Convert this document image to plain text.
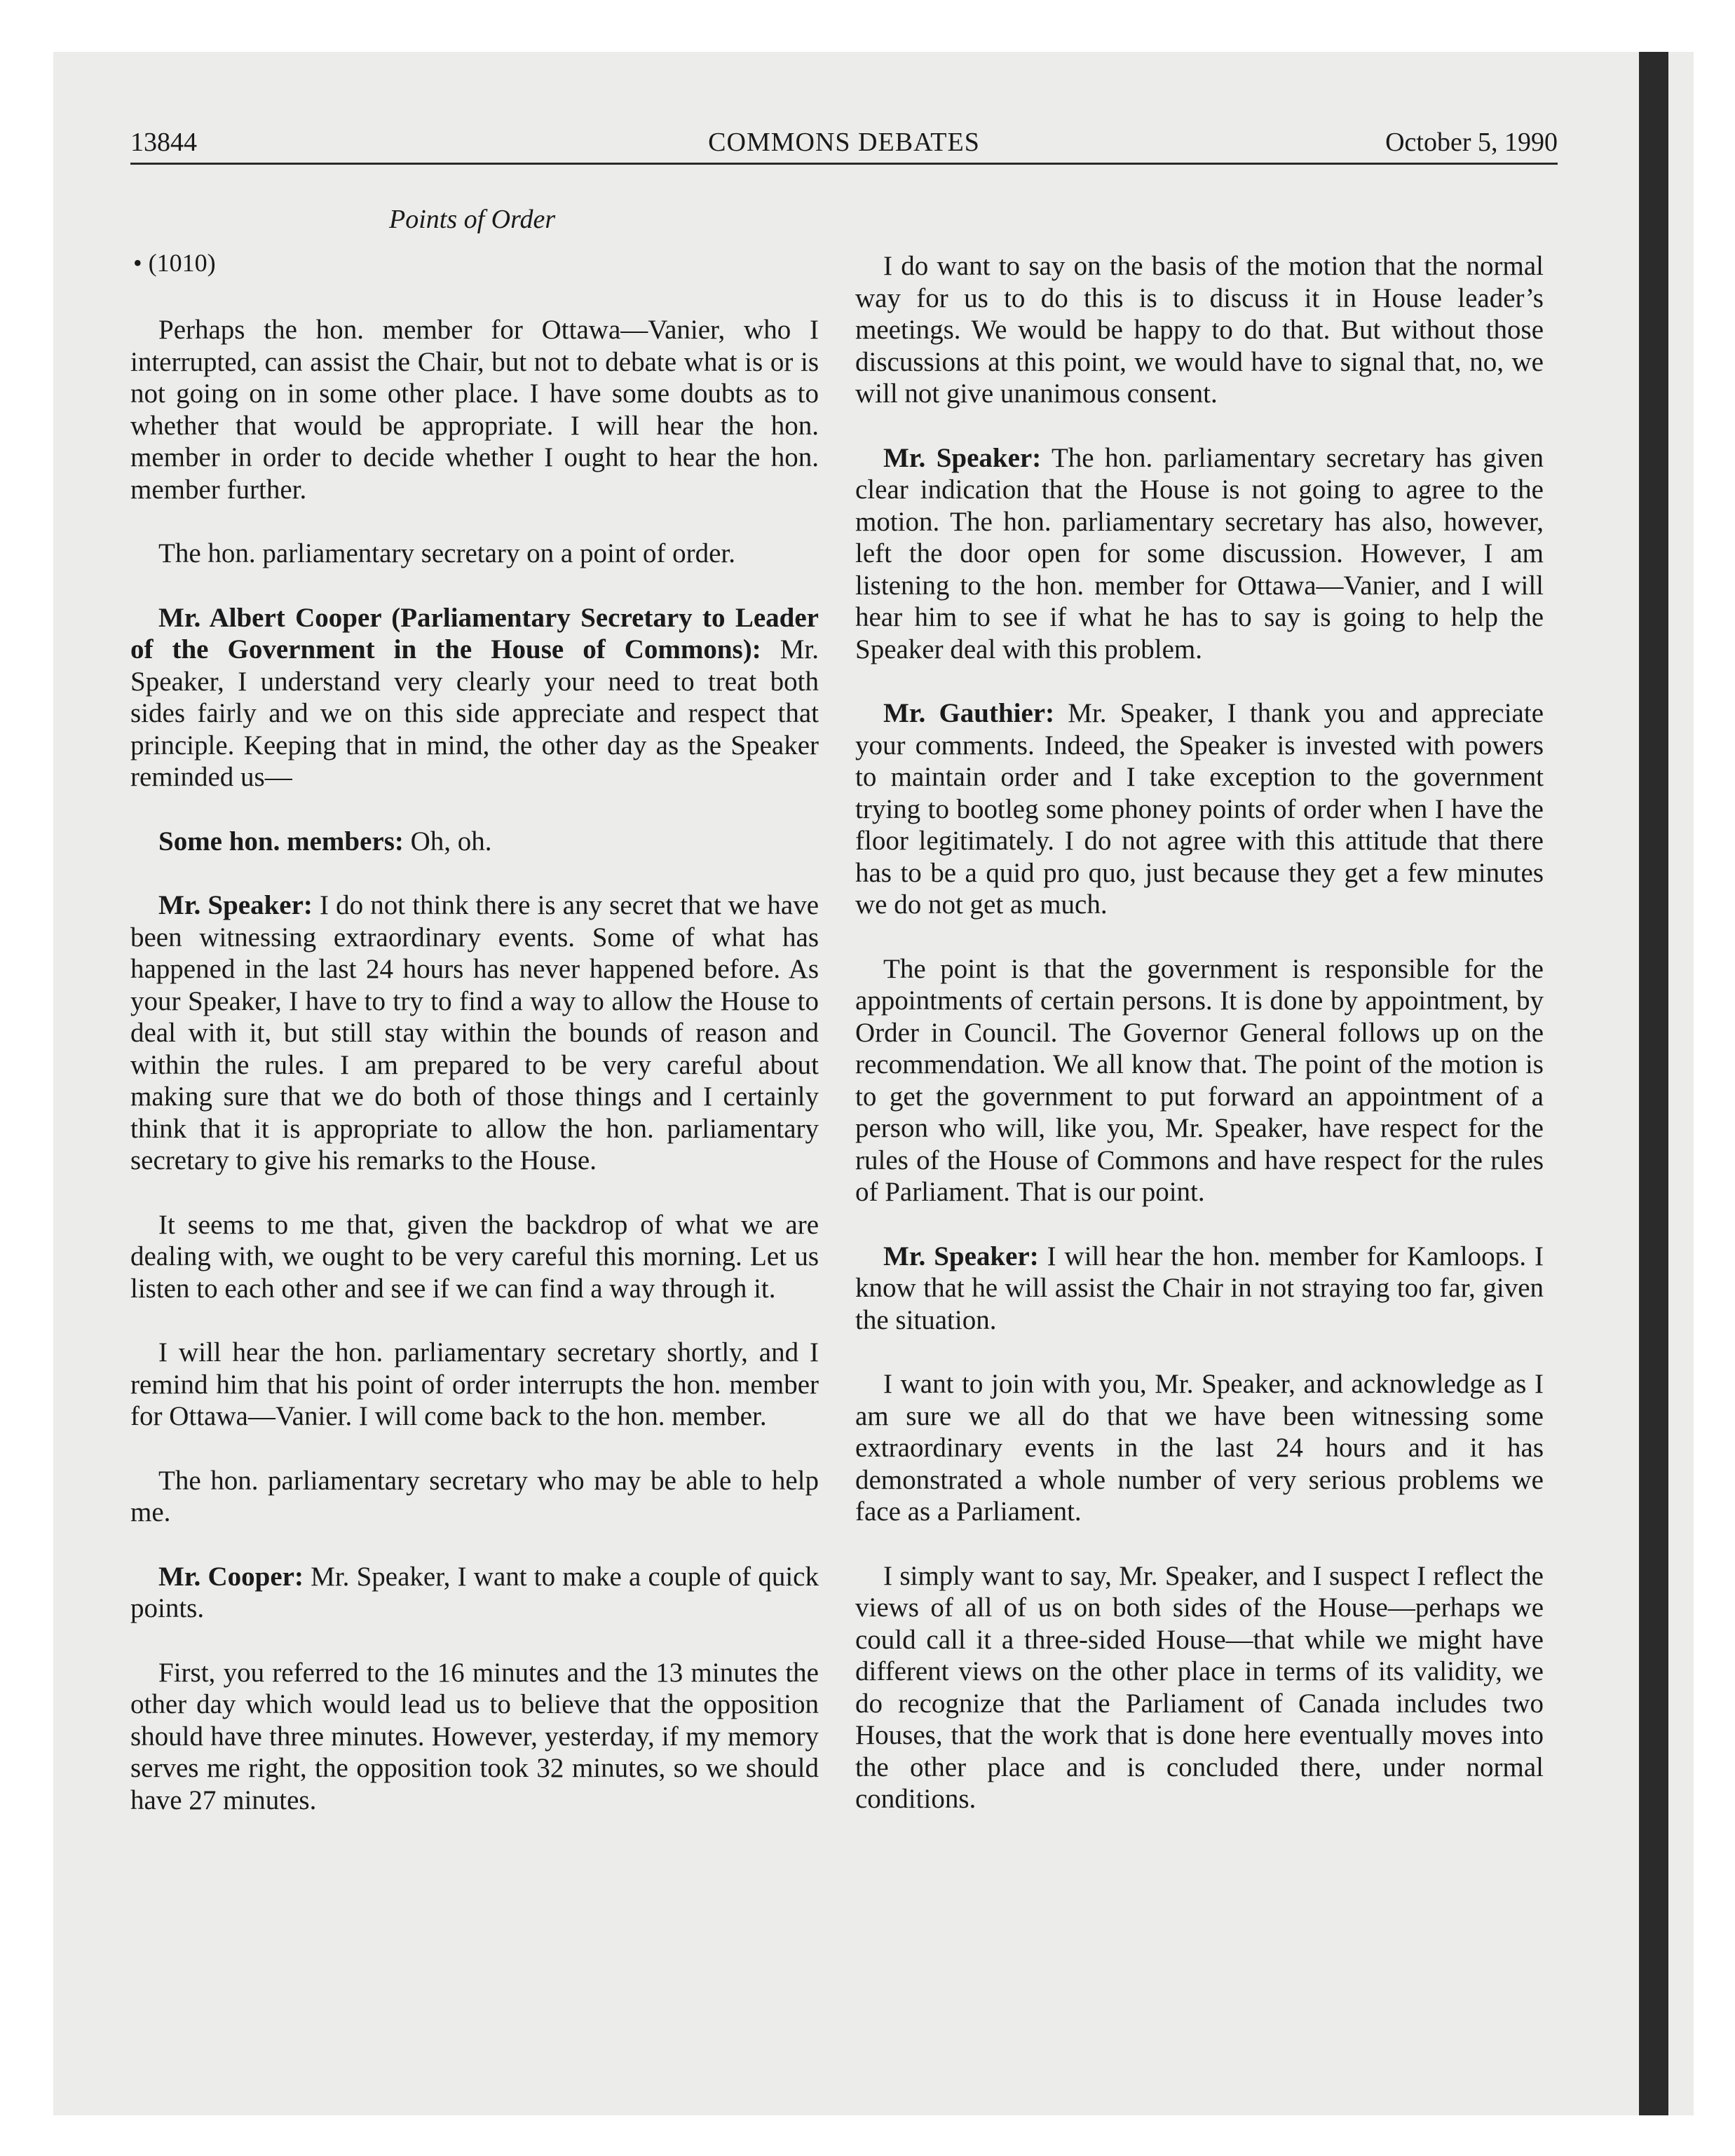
13844	COMMONS DEBATES	October 5, 1990
Points of Order
• (1010)

Perhaps the hon. member for Ottawa—Vanier, who I interrupted, can assist the Chair, but not to debate what is or is not going on in some other place. I have some doubts as to whether that would be appropriate. I will hear the hon. member in order to decide whether I ought to hear the hon. member further.

The hon. parliamentary secretary on a point of order.

Mr. Albert Cooper (Parliamentary Secretary to Leader of the Government in the House of Commons): Mr. Speaker, I understand very clearly your need to treat both sides fairly and we on this side appreciate and respect that principle. Keeping that in mind, the other day as the Speaker reminded us—

Some hon. members: Oh, oh.

Mr. Speaker: I do not think there is any secret that we have been witnessing extraordinary events. Some of what has happened in the last 24 hours has never happened before. As your Speaker, I have to try to find a way to allow the House to deal with it, but still stay within the bounds of reason and within the rules. I am prepared to be very careful about making sure that we do both of those things and I certainly think that it is appropriate to allow the hon. parliamentary secretary to give his remarks to the House.

It seems to me that, given the backdrop of what we are dealing with, we ought to be very careful this morning. Let us listen to each other and see if we can find a way through it.

I will hear the hon. parliamentary secretary shortly, and I remind him that his point of order interrupts the hon. member for Ottawa—Vanier. I will come back to the hon. member.

The hon. parliamentary secretary who may be able to help me.

Mr. Cooper: Mr. Speaker, I want to make a couple of quick points.

First, you referred to the 16 minutes and the 13 minutes the other day which would lead us to believe that the opposition should have three minutes. However, yesterday, if my memory serves me right, the opposition took 32 minutes, so we should have 27 minutes.

I do want to say on the basis of the motion that the normal way for us to do this is to discuss it in House leader’s meetings. We would be happy to do that. But without those discussions at this point, we would have to signal that, no, we will not give unanimous consent.

Mr. Speaker: The hon. parliamentary secretary has given clear indication that the House is not going to agree to the motion. The hon. parliamentary secretary has also, however, left the door open for some discussion. However, I am listening to the hon. member for Ottawa—Vanier, and I will hear him to see if what he has to say is going to help the Speaker deal with this problem.

Mr. Gauthier: Mr. Speaker, I thank you and appreciate your comments. Indeed, the Speaker is invested with powers to maintain order and I take exception to the government trying to bootleg some phoney points of order when I have the floor legitimately. I do not agree with this attitude that there has to be a quid pro quo, just because they get a few minutes we do not get as much.

The point is that the government is responsible for the appointments of certain persons. It is done by appointment, by Order in Council. The Governor General follows up on the recommendation. We all know that. The point of the motion is to get the government to put forward an appointment of a person who will, like you, Mr. Speaker, have respect for the rules of the House of Commons and have respect for the rules of Parliament. That is our point.

Mr. Speaker: I will hear the hon. member for Kamloops. I know that he will assist the Chair in not straying too far, given the situation.

I want to join with you, Mr. Speaker, and acknowledge as I am sure we all do that we have been witnessing some extraordinary events in the last 24 hours and it has demonstrated a whole number of very serious problems we face as a Parliament.

I simply want to say, Mr. Speaker, and I suspect I reflect the views of all of us on both sides of the House—perhaps we could call it a three-sided House—that while we might have different views on the other place in terms of its validity, we do recognize that the Parliament of Canada includes two Houses, that the work that is done here eventually moves into the other place and is concluded there, under normal conditions.
